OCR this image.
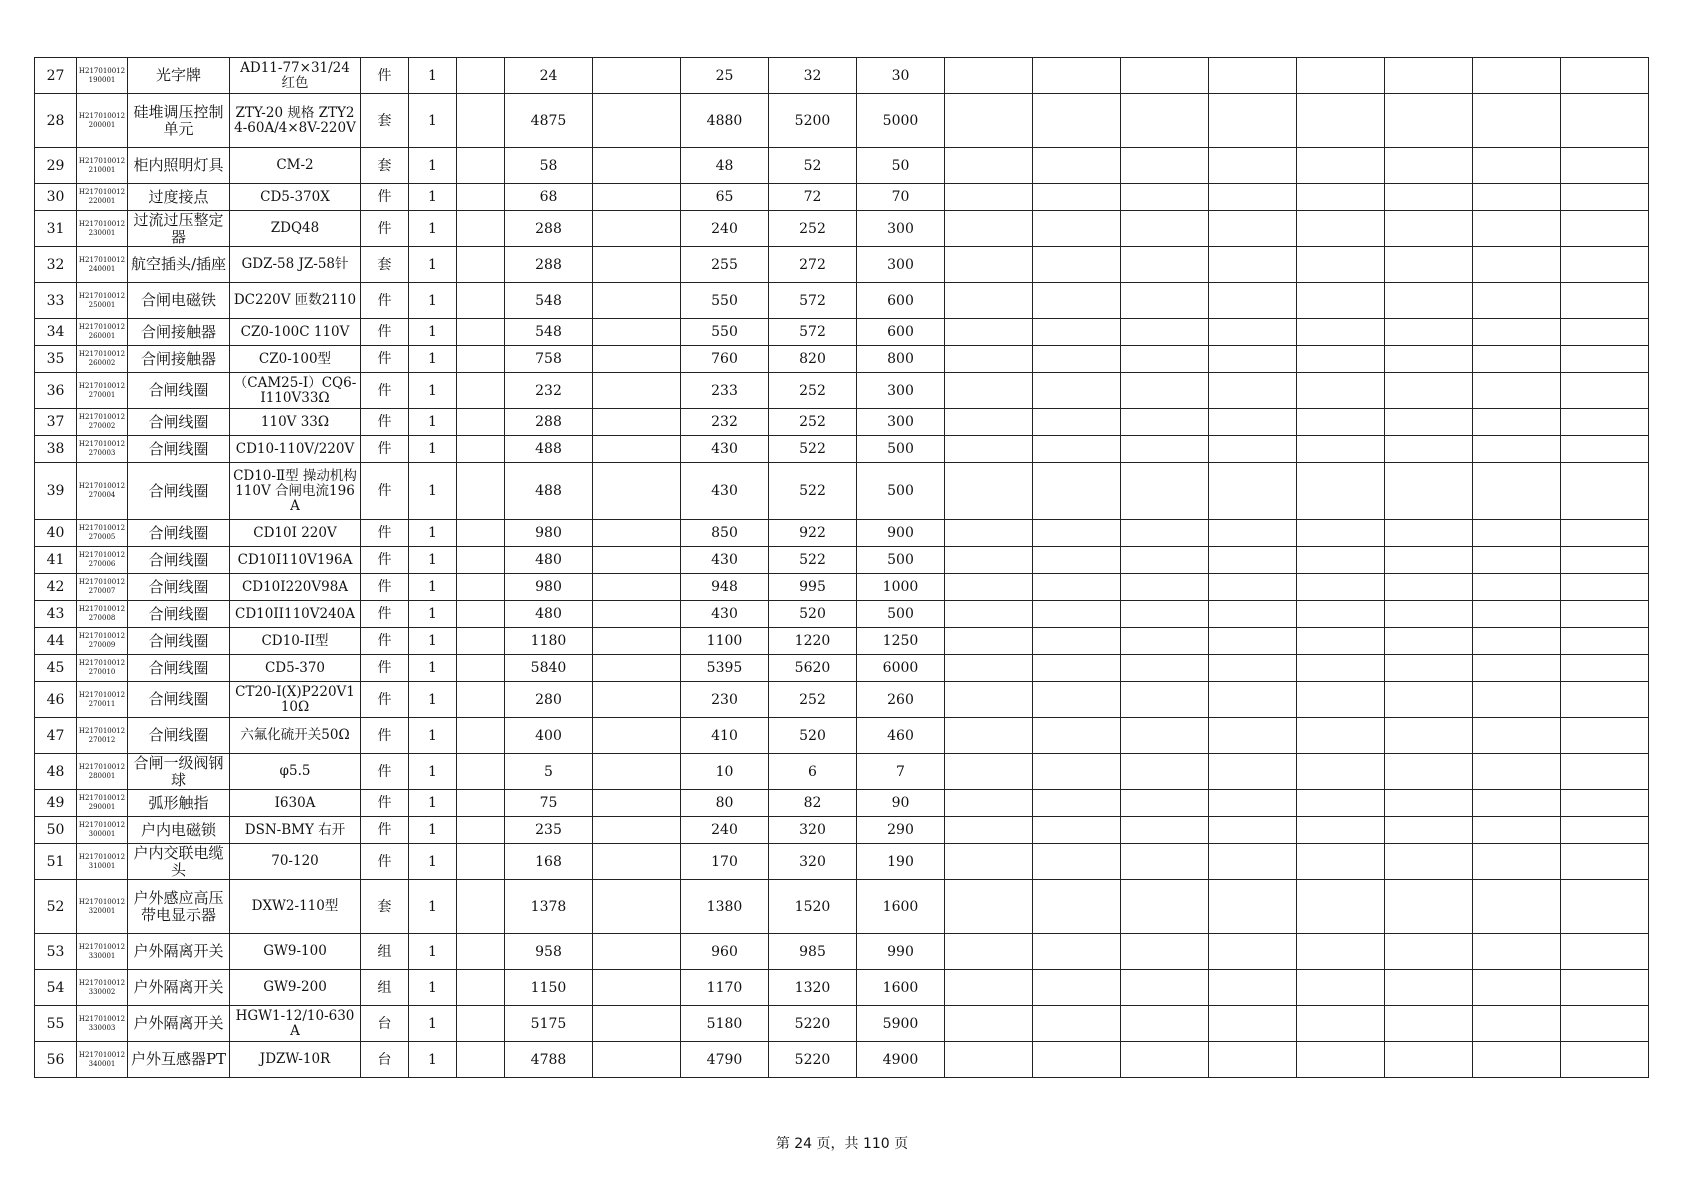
27	H217010012190001	光字牌	AD11-77×31/24 红色	件	1		24		25	32	30								
28	H217010012200001	硅堆调压控制单元	ZTY-20 规格 ZTY24-60A/4×8V-220V	套	1		4875		4880	5200	5000								
29	H217010012210001	柜内照明灯具	CM-2	套	1		58		48	52	50								
30	H217010012220001	过度接点	CD5-370X	件	1		68		65	72	70								
31	H217010012230001	过流过压整定器	ZDQ48	件	1		288		240	252	300								
32	H217010012240001	航空插头/插座	GDZ-58 JZ-58针	套	1		288		255	272	300								
33	H217010012250001	合闸电磁铁	DC220V 匝数2110	件	1		548		550	572	600								
34	H217010012260001	合闸接触器	CZ0-100C 110V	件	1		548		550	572	600								
35	H217010012260002	合闸接触器	CZ0-100型	件	1		758		760	820	800								
36	H217010012270001	合闸线圈	（CAM25-Ⅰ）CQ6-Ⅰ110V33Ω	件	1		232		233	252	300								
37	H217010012270002	合闸线圈	110V 33Ω	件	1		288		232	252	300								
38	H217010012270003	合闸线圈	CD10-110V/220V	件	1		488		430	522	500								
39	H217010012270004	合闸线圈	CD10-Ⅱ型 操动机构 110V 合闸电流196A	件	1		488		430	522	500								
40	H217010012270005	合闸线圈	CD10I 220V	件	1		980		850	922	900								
41	H217010012270006	合闸线圈	CD10I110V196A	件	1		480		430	522	500								
42	H217010012270007	合闸线圈	CD10I220V98A	件	1		980		948	995	1000								
43	H217010012270008	合闸线圈	CD10II110V240A	件	1		480		430	520	500								
44	H217010012270009	合闸线圈	CD10-II型	件	1		1180		1100	1220	1250								
45	H217010012270010	合闸线圈	CD5-370	件	1		5840		5395	5620	6000								
46	H217010012270011	合闸线圈	CT20-Ⅰ(X)P220V110Ω	件	1		280		230	252	260								
47	H217010012270012	合闸线圈	六氟化硫开关50Ω	件	1		400		410	520	460								
48	H217010012280001	合闸一级阀钢球	φ5.5	件	1		5		10	6	7								
49	H217010012290001	弧形触指	I630A	件	1		75		80	82	90								
50	H217010012300001	户内电磁锁	DSN-BMY 右开	件	1		235		240	320	290								
51	H217010012310001	户内交联电缆头	70-120	件	1		168		170	320	190								
52	H217010012320001	户外感应高压带电显示器	DXW2-110型	套	1		1378		1380	1520	1600								
53	H217010012330001	户外隔离开关	GW9-100	组	1		958		960	985	990								
54	H217010012330002	户外隔离开关	GW9-200	组	1		1150		1170	1320	1600								
55	H217010012330003	户外隔离开关	HGW1-12/10-630A	台	1		5175		5180	5220	5900								
56	H217010012340001	户外互感器PT	JDZW-10R	台	1		4788		4790	5220	4900								
第 24 页，共 110 页
